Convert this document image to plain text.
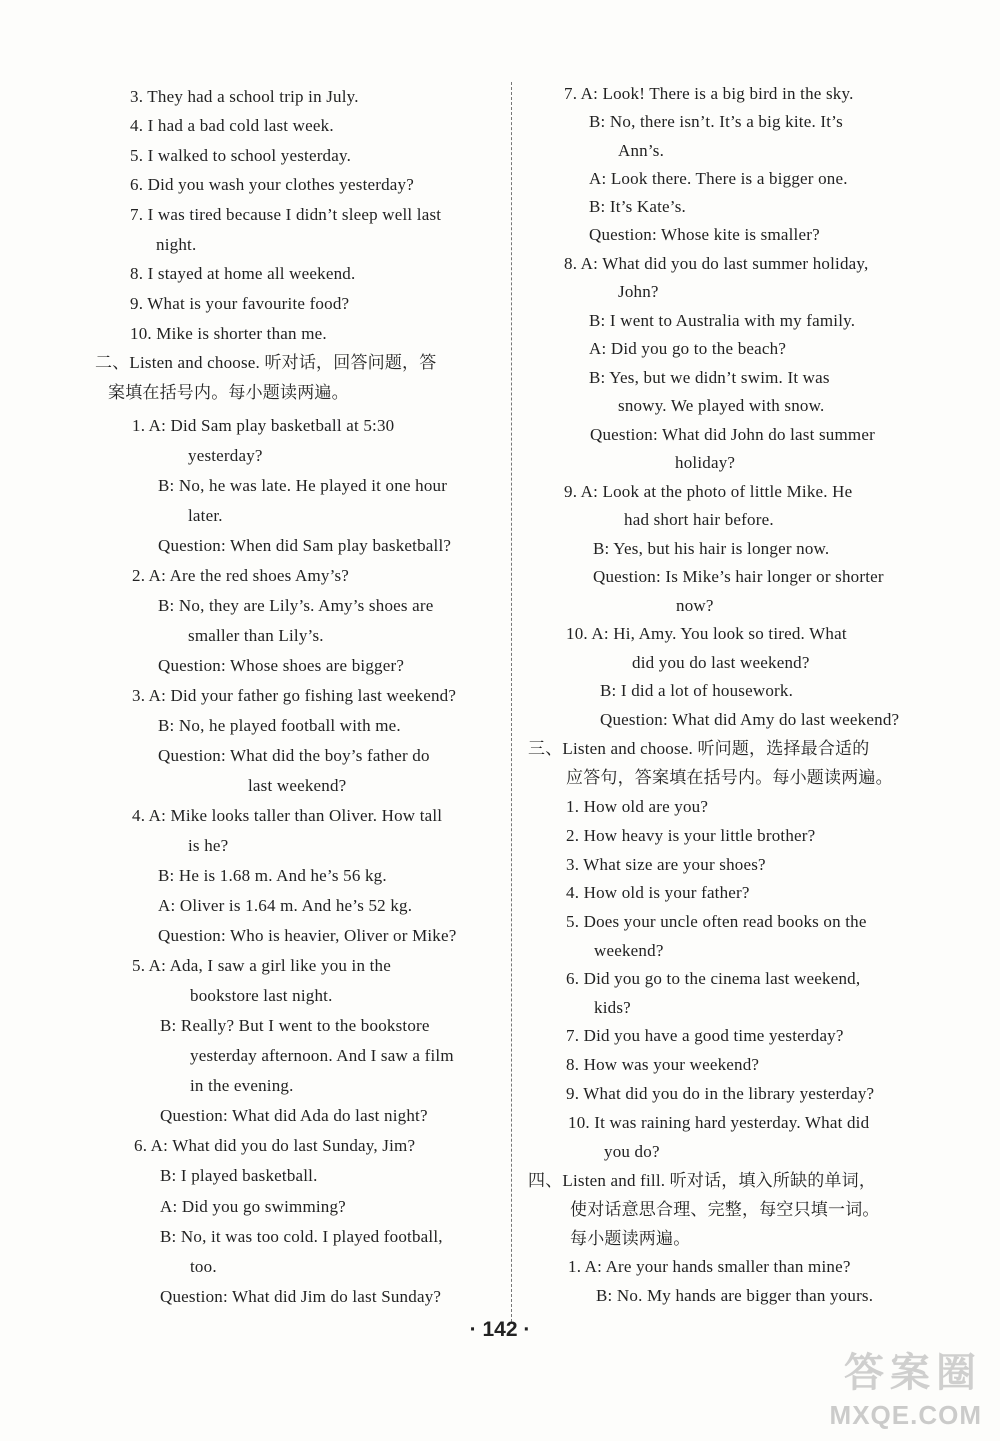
3. They had a school trip in July.
4. I had a bad cold last week.
5. I walked to school yesterday.
6. Did you wash your clothes yesterday?
7. I was tired because I didn’t sleep well last
night.
8. I stayed at home all weekend.
9. What is your favourite food?
10. Mike is shorter than me.
二、Listen and choose. 听对话，回答问题，答
案填在括号内。每小题读两遍。
1. A: Did Sam play basketball at 5:30
yesterday?
B: No, he was late. He played it one hour
later.
Question: When did Sam play basketball?
2. A: Are the red shoes Amy’s?
B: No, they are Lily’s. Amy’s shoes are
smaller than Lily’s.
Question: Whose shoes are bigger?
3. A: Did your father go fishing last weekend?
B: No, he played football with me.
Question: What did the boy’s father do
last weekend?
4. A: Mike looks taller than Oliver. How tall
is he?
B: He is 1.68 m. And he’s 56 kg.
A: Oliver is 1.64 m. And he’s 52 kg.
Question: Who is heavier, Oliver or Mike?
5. A: Ada, I saw a girl like you in the
bookstore last night.
B: Really? But I went to the bookstore
yesterday afternoon. And I saw a film
in the evening.
Question: What did Ada do last night?
6. A: What did you do last Sunday, Jim?
B: I played basketball.
A: Did you go swimming?
B: No, it was too cold. I played football,
too.
Question: What did Jim do last Sunday?
7. A: Look! There is a big bird in the sky.
B: No, there isn’t. It’s a big kite. It’s
Ann’s.
A: Look there. There is a bigger one.
B: It’s Kate’s.
Question: Whose kite is smaller?
8. A: What did you do last summer holiday,
John?
B: I went to Australia with my family.
A: Did you go to the beach?
B: Yes, but we didn’t swim. It was
snowy. We played with snow.
Question: What did John do last summer
holiday?
9. A: Look at the photo of little Mike. He
had short hair before.
B: Yes, but his hair is longer now.
Question: Is Mike’s hair longer or shorter
now?
10. A: Hi, Amy. You look so tired. What
did you do last weekend?
B: I did a lot of housework.
Question: What did Amy do last weekend?
三、Listen and choose. 听问题，选择最合适的
应答句，答案填在括号内。每小题读两遍。
1. How old are you?
2. How heavy is your little brother?
3. What size are your shoes?
4. How old is your father?
5. Does your uncle often read books on the
weekend?
6. Did you go to the cinema last weekend,
kids?
7. Did you have a good time yesterday?
8. How was your weekend?
9. What did you do in the library yesterday?
10. It was raining hard yesterday. What did
you do?
四、Listen and fill. 听对话，填入所缺的单词，
使对话意思合理、完整，每空只填一词。
每小题读两遍。
1. A: Are your hands smaller than mine?
B: No. My hands are bigger than yours.
· 142 ·
答案圈
MXQE.COM
